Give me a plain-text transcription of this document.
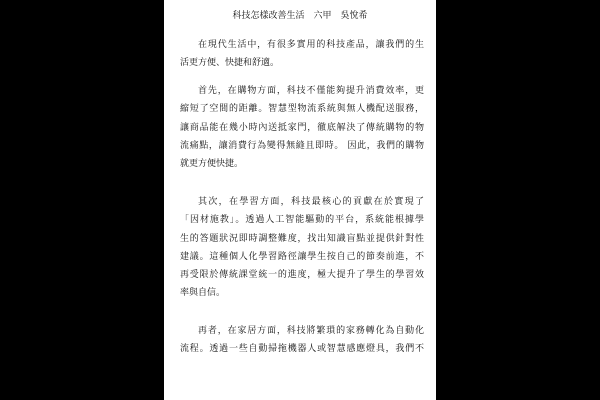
科技怎樣改善生活　六甲　吳悅希
在現代生活中，有很多實用的科技產品，讓我們的生
活更方便、快捷和舒適。
首先，在購物方面，科技不僅能夠提升消費效率，更
縮短了空間的距離。智慧型物流系統與無人機配送服務，
讓商品能在幾小時內送抵家門，徹底解決了傳統購物的物
流痛點，讓消費行為變得無縫且即時。 因此，我們的購物
就更方便快捷。
其次，在學習方面，科技最核心的貢獻在於實現了
「因材施教」。透過人工智能驅動的平台，系統能根據學
生的答題狀況即時調整難度，找出知識盲點並提供針對性
建議。這種個人化學習路徑讓學生按自己的節奏前進，不
再受限於傳統課堂統一的進度，極大提升了學生的學習效
率與自信。
再者，在家居方面，科技將繁瑣的家務轉化為自動化
流程。透過一些自動掃拖機器人或智慧感應燈具，我們不
